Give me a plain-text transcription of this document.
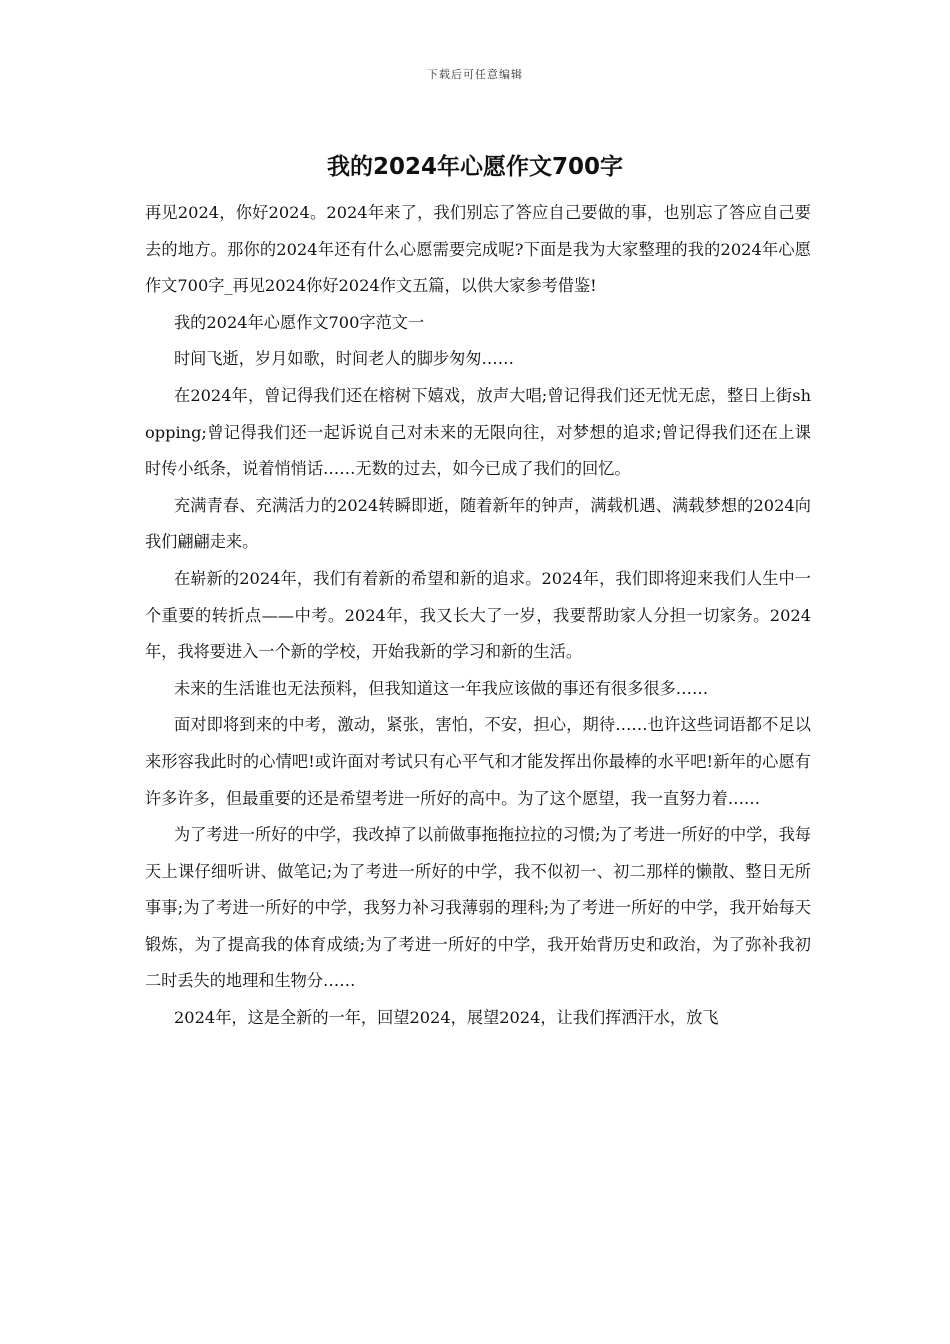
下载后可任意编辑
我的2024年心愿作文700字

再见2024，你好2024。2024年来了，我们别忘了答应自己要做的事，也别忘了答应自己要去的地方。那你的2024年还有什么心愿需要完成呢?下面是我为大家整理的我的2024年心愿作文700字_再见2024你好2024作文五篇，以供大家参考借鉴!

我的2024年心愿作文700字范文一

时间飞逝，岁月如歌，时间老人的脚步匆匆……

在2024年，曾记得我们还在榕树下嬉戏，放声大唱;曾记得我们还无忧无虑，整日上街shopping;曾记得我们还一起诉说自己对未来的无限向往，对梦想的追求;曾记得我们还在上课时传小纸条，说着悄悄话……无数的过去，如今已成了我们的回忆。

充满青春、充满活力的2024转瞬即逝，随着新年的钟声，满载机遇、满载梦想的2024向我们翩翩走来。

在崭新的2024年，我们有着新的希望和新的追求。2024年，我们即将迎来我们人生中一个重要的转折点——中考。2024年，我又长大了一岁，我要帮助家人分担一切家务。2024年，我将要进入一个新的学校，开始我新的学习和新的生活。

未来的生活谁也无法预料，但我知道这一年我应该做的事还有很多很多……

面对即将到来的中考，激动，紧张，害怕，不安，担心，期待……也许这些词语都不足以来形容我此时的心情吧!或许面对考试只有心平气和才能发挥出你最棒的水平吧!新年的心愿有许多许多，但最重要的还是希望考进一所好的高中。为了这个愿望，我一直努力着……

为了考进一所好的中学，我改掉了以前做事拖拖拉拉的习惯;为了考进一所好的中学，我每天上课仔细听讲、做笔记;为了考进一所好的中学，我不似初一、初二那样的懒散、整日无所事事;为了考进一所好的中学，我努力补习我薄弱的理科;为了考进一所好的中学，我开始每天锻炼，为了提高我的体育成绩;为了考进一所好的中学，我开始背历史和政治，为了弥补我初二时丢失的地理和生物分……

2024年，这是全新的一年，回望2024，展望2024，让我们挥洒汗水，放飞
